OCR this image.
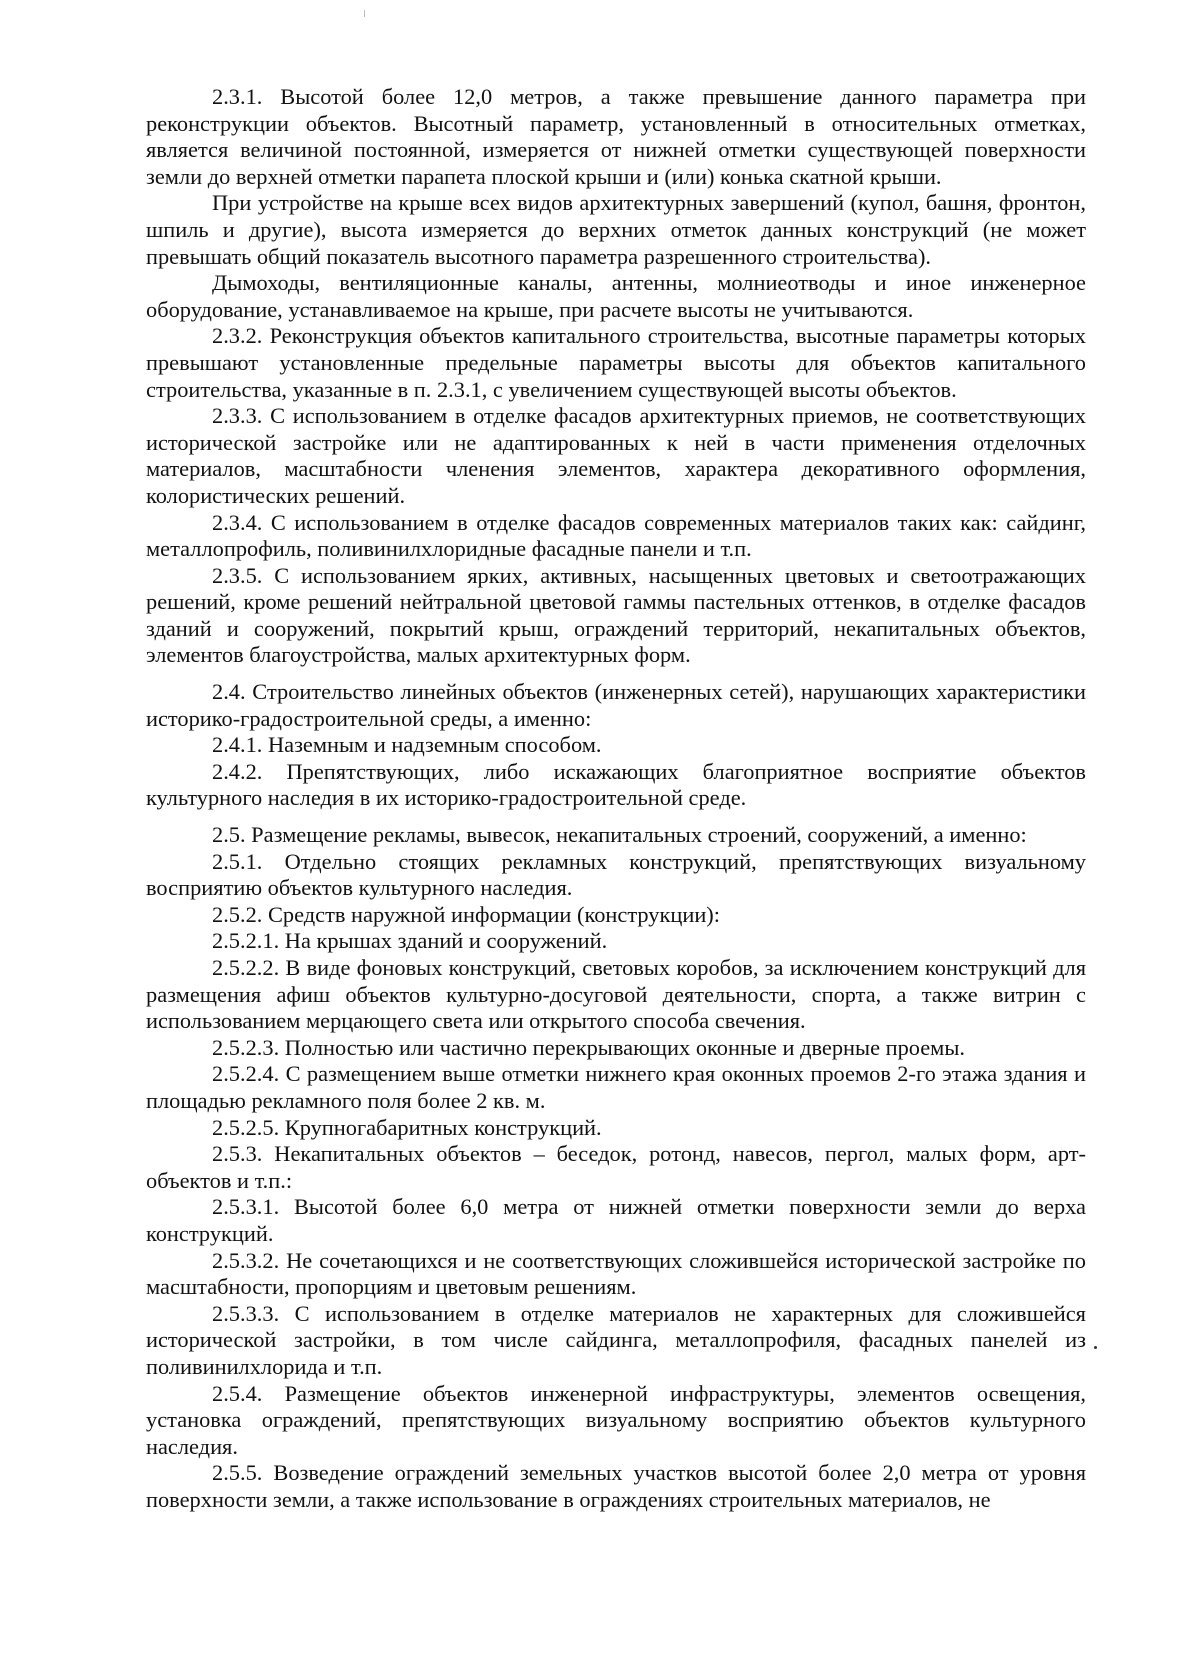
2.3.1. Высотой более 12,0 метров, а также превышение данного параметра при реконструкции объектов. Высотный параметр, установленный в относительных отметках, является величиной постоянной, измеряется от нижней отметки существующей поверхности земли до верхней отметки парапета плоской крыши и (или) конька скатной крыши.

При устройстве на крыше всех видов архитектурных завершений (купол, башня, фронтон, шпиль и другие), высота измеряется до верхних отметок данных конструкций (не может превышать общий показатель высотного параметра разрешенного строительства).

Дымоходы, вентиляционные каналы, антенны, молниеотводы и иное инженерное оборудование, устанавливаемое на крыше, при расчете высоты не учитываются.

2.3.2. Реконструкция объектов капитального строительства, высотные параметры которых превышают установленные предельные параметры высоты для объектов капитального строительства, указанные в п. 2.3.1, с увеличением существующей высоты объектов.

2.3.3. С использованием в отделке фасадов архитектурных приемов, не соответствующих исторической застройке или не адаптированных к ней в части применения отделочных материалов, масштабности членения элементов, характера декоративного оформления, колористических решений.

2.3.4. С использованием в отделке фасадов современных материалов таких как: сайдинг, металлопрофиль, поливинилхлоридные фасадные панели и т.п.

2.3.5. С использованием ярких, активных, насыщенных цветовых и светоотражающих решений, кроме решений нейтральной цветовой гаммы пастельных оттенков, в отделке фасадов зданий и сооружений, покрытий крыш, ограждений территорий, некапитальных объектов, элементов благоустройства, малых архитектурных форм.

2.4. Строительство линейных объектов (инженерных сетей), нарушающих характеристики историко-градостроительной среды, а именно:

2.4.1. Наземным и надземным способом.

2.4.2. Препятствующих, либо искажающих благоприятное восприятие объектов культурного наследия в их историко-градостроительной среде.

2.5. Размещение рекламы, вывесок, некапитальных строений, сооружений, а именно:

2.5.1. Отдельно стоящих рекламных конструкций, препятствующих визуальному восприятию объектов культурного наследия.

2.5.2. Средств наружной информации (конструкции):

2.5.2.1. На крышах зданий и сооружений.

2.5.2.2. В виде фоновых конструкций, световых коробов, за исключением конструкций для размещения афиш объектов культурно-досуговой деятельности, спорта, а также витрин с использованием мерцающего света или открытого способа свечения.

2.5.2.3. Полностью или частично перекрывающих оконные и дверные проемы.

2.5.2.4. С размещением выше отметки нижнего края оконных проемов 2-го этажа здания и площадью рекламного поля более 2 кв. м.

2.5.2.5. Крупногабаритных конструкций.

2.5.3. Некапитальных объектов – беседок, ротонд, навесов, пергол, малых форм, арт-объектов и т.п.:

2.5.3.1. Высотой более 6,0 метра от нижней отметки поверхности земли до верха конструкций.

2.5.3.2. Не сочетающихся и не соответствующих сложившейся исторической застройке по масштабности, пропорциям и цветовым решениям.

2.5.3.3. С использованием в отделке материалов не характерных для сложившейся исторической застройки, в том числе сайдинга, металлопрофиля, фасадных панелей из поливинилхлорида и т.п.

2.5.4. Размещение объектов инженерной инфраструктуры, элементов освещения, установка ограждений, препятствующих визуальному восприятию объектов культурного наследия.

2.5.5. Возведение ограждений земельных участков высотой более 2,0 метра от уровня поверхности земли, а также использование в ограждениях строительных материалов, не
